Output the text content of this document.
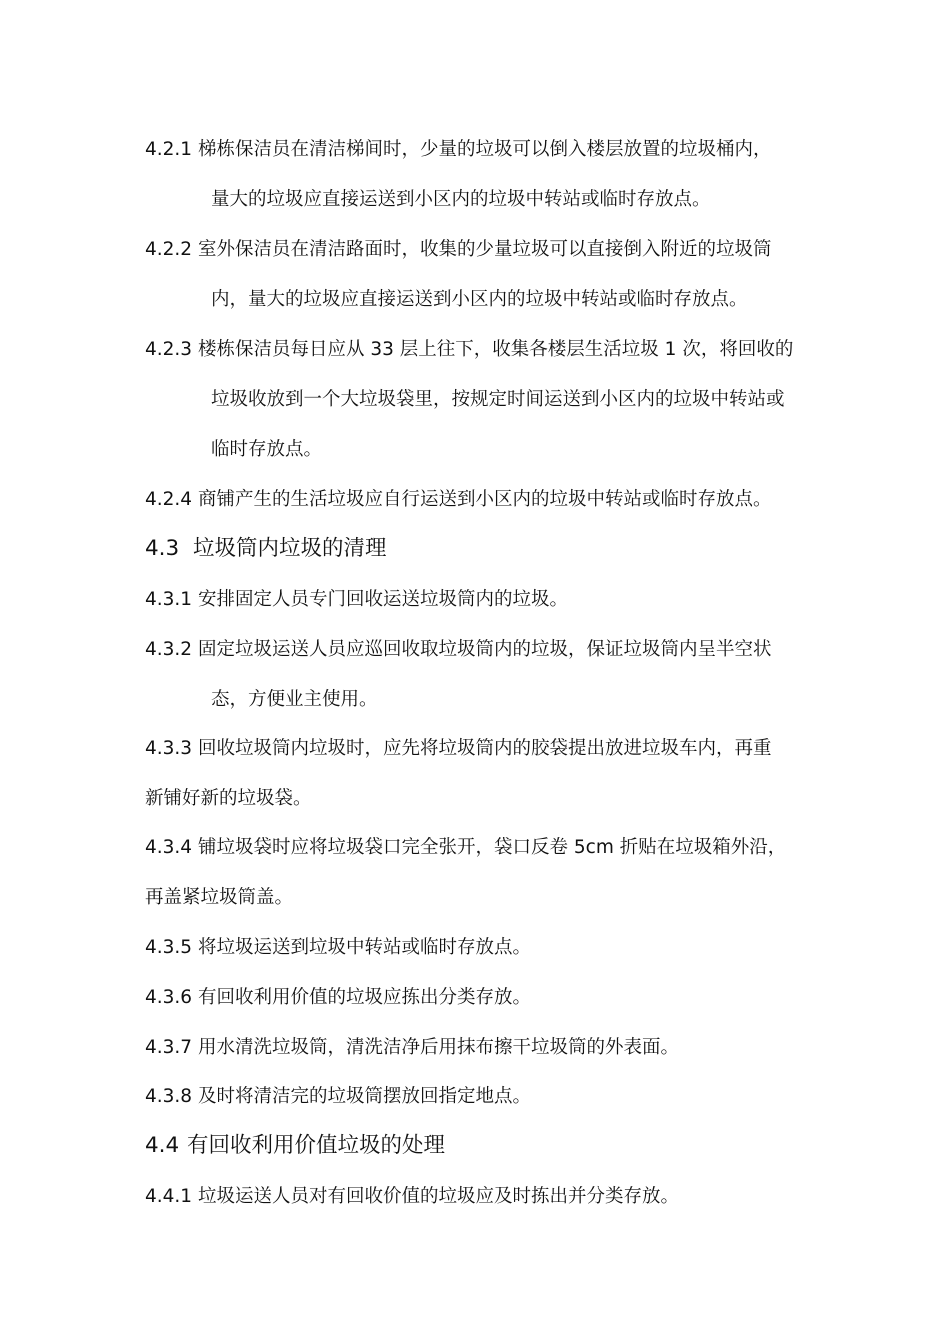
4.2.1 梯栋保洁员在清洁梯间时，少量的垃圾可以倒入楼层放置的垃圾桶内，
量大的垃圾应直接运送到小区内的垃圾中转站或临时存放点。
4.2.2 室外保洁员在清洁路面时，收集的少量垃圾可以直接倒入附近的垃圾筒
内，量大的垃圾应直接运送到小区内的垃圾中转站或临时存放点。
4.2.3 楼栋保洁员每日应从 33 层上往下，收集各楼层生活垃圾 1 次，将回收的
垃圾收放到一个大垃圾袋里，按规定时间运送到小区内的垃圾中转站或
临时存放点。
4.2.4 商铺产生的生活垃圾应自行运送到小区内的垃圾中转站或临时存放点。
4.3 垃圾筒内垃圾的清理
4.3.1 安排固定人员专门回收运送垃圾筒内的垃圾。
4.3.2 固定垃圾运送人员应巡回收取垃圾筒内的垃圾，保证垃圾筒内呈半空状
态，方便业主使用。
4.3.3 回收垃圾筒内垃圾时，应先将垃圾筒内的胶袋提出放进垃圾车内，再重
新铺好新的垃圾袋。
4.3.4 铺垃圾袋时应将垃圾袋口完全张开，袋口反卷 5cm 折贴在垃圾箱外沿，
再盖紧垃圾筒盖。
4.3.5 将垃圾运送到垃圾中转站或临时存放点。
4.3.6 有回收利用价值的垃圾应拣出分类存放。
4.3.7 用水清洗垃圾筒，清洗洁净后用抹布擦干垃圾筒的外表面。
4.3.8 及时将清洁完的垃圾筒摆放回指定地点。
4.4 有回收利用价值垃圾的处理
4.4.1 垃圾运送人员对有回收价值的垃圾应及时拣出并分类存放。
